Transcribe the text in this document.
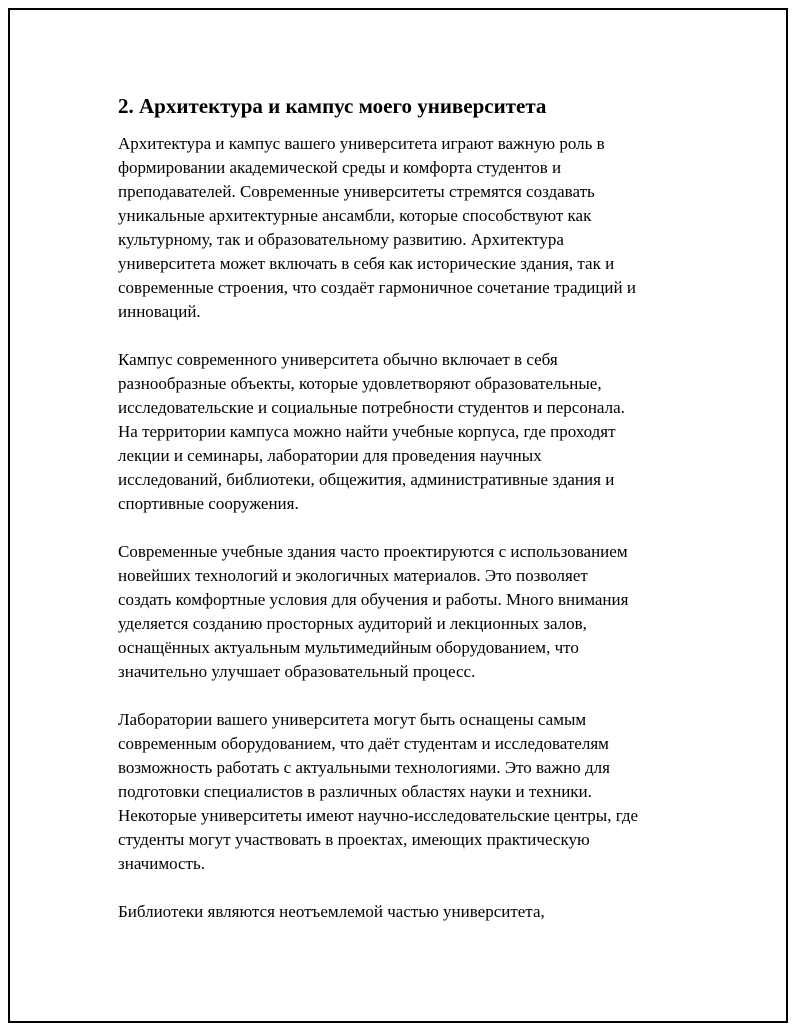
2. Архитектура и кампус моего университета
Архитектура и кампус вашего университета играют важную роль в
формировании академической среды и комфорта студентов и
преподавателей. Современные университеты стремятся создавать
уникальные архитектурные ансамбли, которые способствуют как
культурному, так и образовательному развитию. Архитектура
университета может включать в себя как исторические здания, так и
современные строения, что создаёт гармоничное сочетание традиций и
инноваций.
Кампус современного университета обычно включает в себя
разнообразные объекты, которые удовлетворяют образовательные,
исследовательские и социальные потребности студентов и персонала.
На территории кампуса можно найти учебные корпуса, где проходят
лекции и семинары, лаборатории для проведения научных
исследований, библиотеки, общежития, административные здания и
спортивные сооружения.
Современные учебные здания часто проектируются с использованием
новейших технологий и экологичных материалов. Это позволяет
создать комфортные условия для обучения и работы. Много внимания
уделяется созданию просторных аудиторий и лекционных залов,
оснащённых актуальным мультимедийным оборудованием, что
значительно улучшает образовательный процесс.
Лаборатории вашего университета могут быть оснащены самым
современным оборудованием, что даёт студентам и исследователям
возможность работать с актуальными технологиями. Это важно для
подготовки специалистов в различных областях науки и техники.
Некоторые университеты имеют научно-исследовательские центры, где
студенты могут участвовать в проектах, имеющих практическую
значимость.
Библиотеки являются неотъемлемой частью университета,
